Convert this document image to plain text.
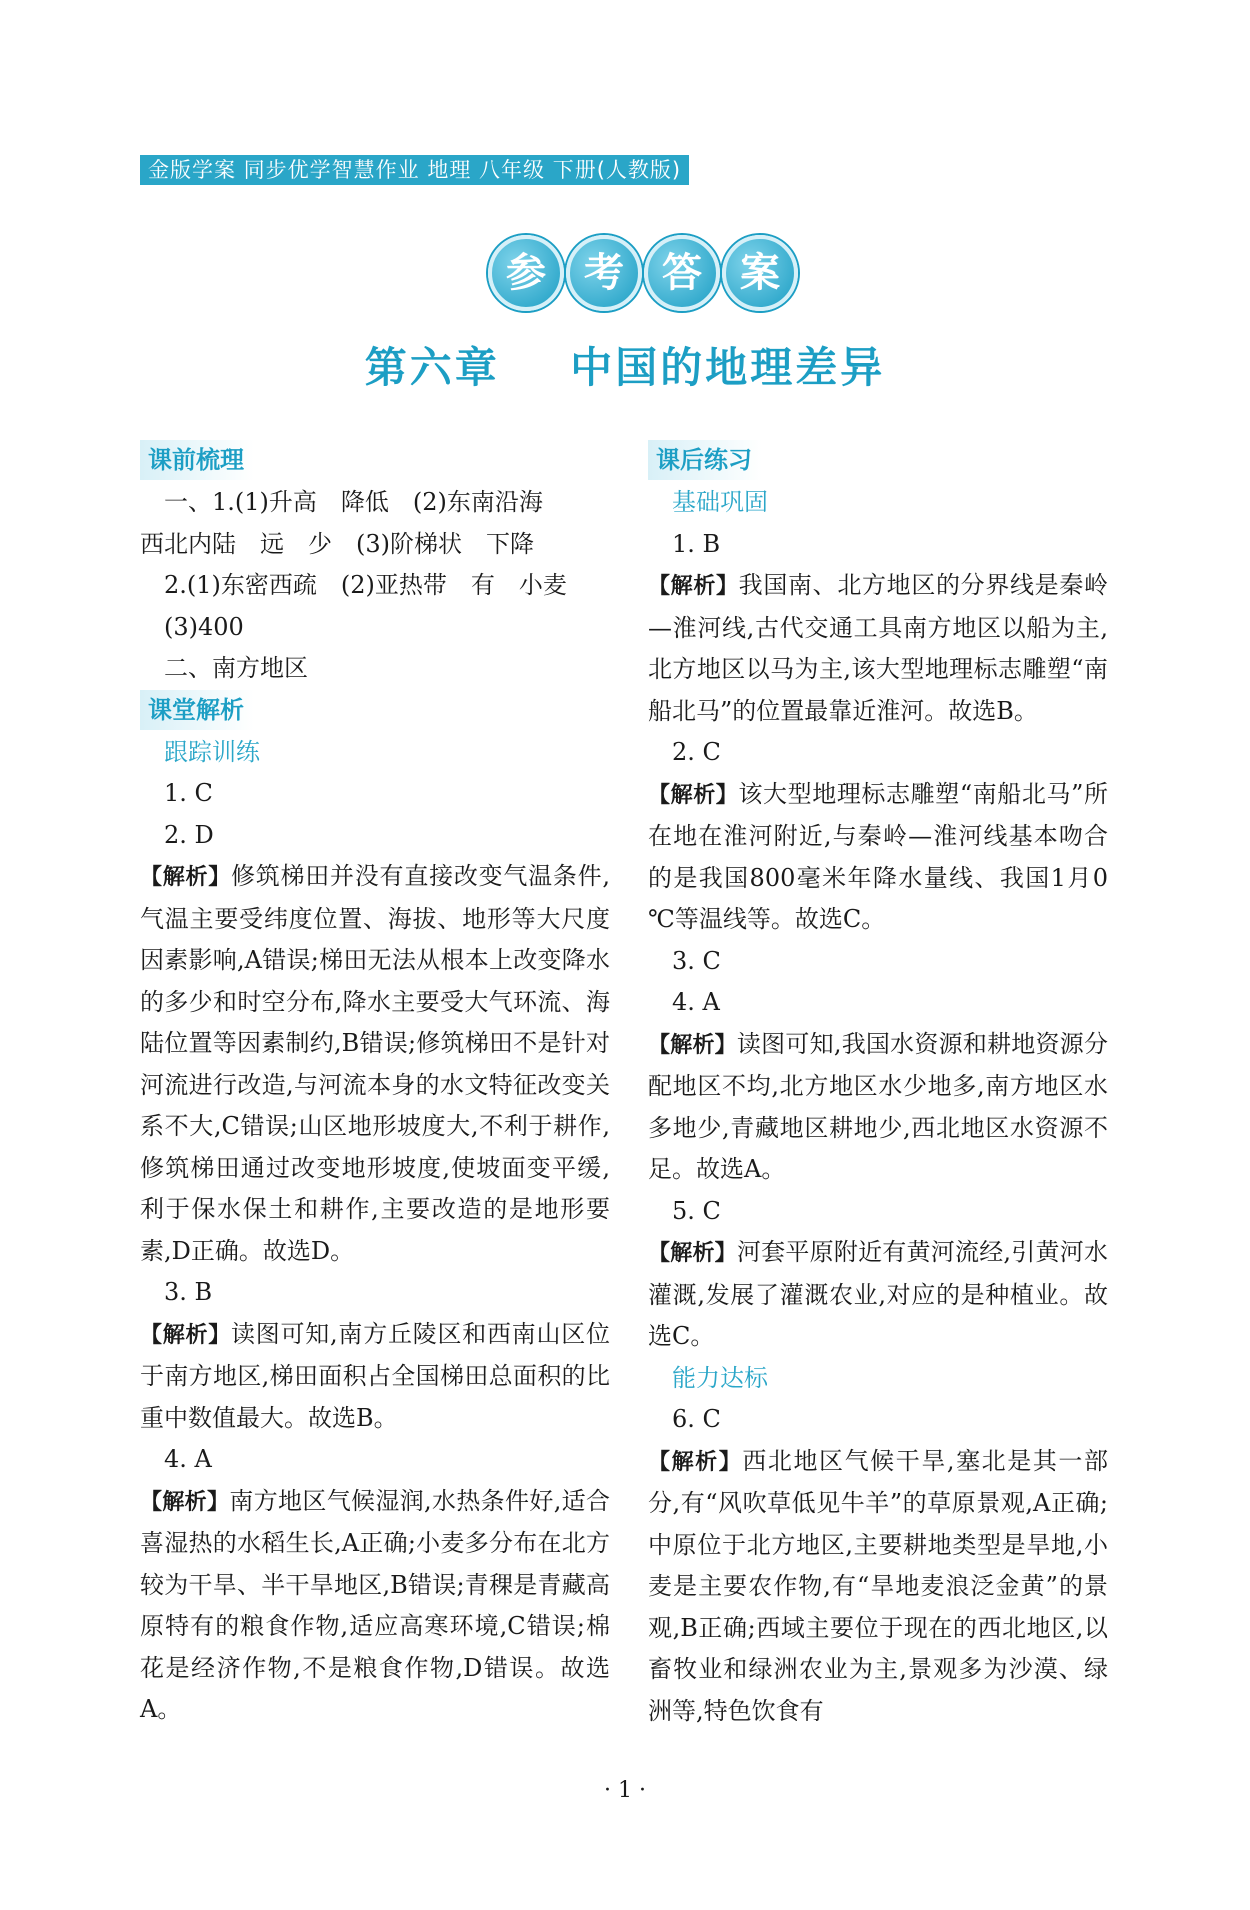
金版学案 同步优学智慧作业 地理 八年级 下册(人教版)
参 考 答 案
第六章    中国的地理差异
课前梳理
一、1.(1)升高　降低　(2)东南沿海
西北内陆　远　少　(3)阶梯状　下降
2.(1)东密西疏　(2)亚热带　有　小麦
(3)400
二、南方地区
课堂解析
跟踪训练
1. C
2. D
【解析】修筑梯田并没有直接改变气温条件,气温主要受纬度位置、海拔、地形等大尺度因素影响,A错误;梯田无法从根本上改变降水的多少和时空分布,降水主要受大气环流、海陆位置等因素制约,B错误;修筑梯田不是针对河流进行改造,与河流本身的水文特征改变关系不大,C错误;山区地形坡度大,不利于耕作,修筑梯田通过改变地形坡度,使坡面变平缓,利于保水保土和耕作,主要改造的是地形要素,D正确。故选D。
3. B
【解析】读图可知,南方丘陵区和西南山区位于南方地区,梯田面积占全国梯田总面积的比重中数值最大。故选B。
4. A
【解析】南方地区气候湿润,水热条件好,适合喜湿热的水稻生长,A正确;小麦多分布在北方较为干旱、半干旱地区,B错误;青稞是青藏高原特有的粮食作物,适应高寒环境,C错误;棉花是经济作物,不是粮食作物,D错误。故选A。
课后练习
基础巩固
1. B
【解析】我国南、北方地区的分界线是秦岭—淮河线,古代交通工具南方地区以船为主,北方地区以马为主,该大型地理标志雕塑“南船北马”的位置最靠近淮河。故选B。
2. C
【解析】该大型地理标志雕塑“南船北马”所在地在淮河附近,与秦岭—淮河线基本吻合的是我国800毫米年降水量线、我国1月0 ℃等温线等。故选C。
3. C
4. A
【解析】读图可知,我国水资源和耕地资源分配地区不均,北方地区水少地多,南方地区水多地少,青藏地区耕地少,西北地区水资源不足。故选A。
5. C
【解析】河套平原附近有黄河流经,引黄河水灌溉,发展了灌溉农业,对应的是种植业。故选C。
能力达标
6. C
【解析】西北地区气候干旱,塞北是其一部分,有“风吹草低见牛羊”的草原景观,A正确;中原位于北方地区,主要耕地类型是旱地,小麦是主要农作物,有“旱地麦浪泛金黄”的景观,B正确;西域主要位于现在的西北地区,以畜牧业和绿洲农业为主,景观多为沙漠、绿洲等,特色饮食有
· 1 ·
